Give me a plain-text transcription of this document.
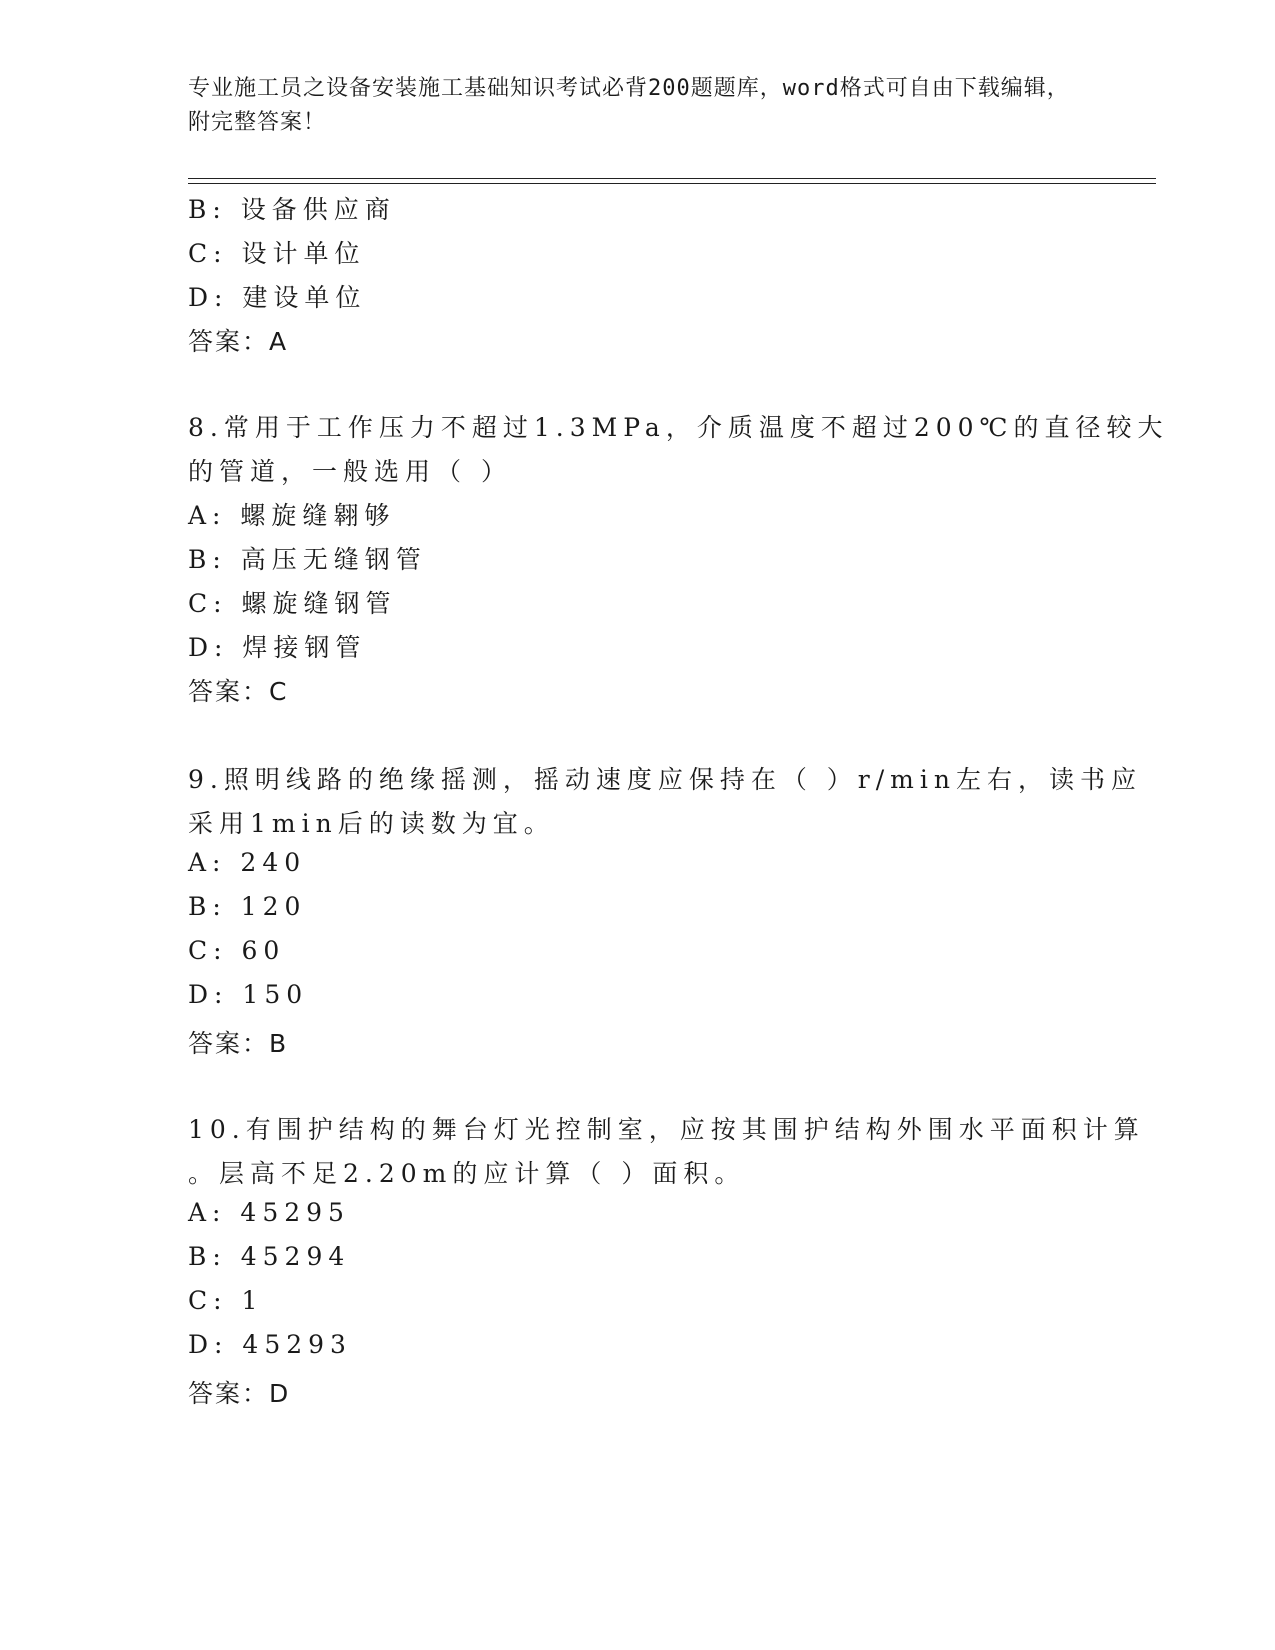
专业施工员之设备安装施工基础知识考试必背200题题库，word格式可自由下载编辑，附完整答案！
B: 设备供应商
C: 设计单位
D: 建设单位
答案：A
8.常用于工作压力不超过1.3MPa，介质温度不超过200℃的直径较大
的管道，一般选用（ ）
A: 螺旋缝翱够
B: 高压无缝钢管
C: 螺旋缝钢管
D: 焊接钢管
答案：C
9.照明线路的绝缘摇测，摇动速度应保持在（ ）r/min左右，读书应
采用1min后的读数为宜。
A: 240
B: 120
C: 60
D: 150
答案：B
10.有围护结构的舞台灯光控制室，应按其围护结构外围水平面积计算
。层高不足2.20m的应计算（ ）面积。
A: 45295
B: 45294
C: 1
D: 45293
答案：D
